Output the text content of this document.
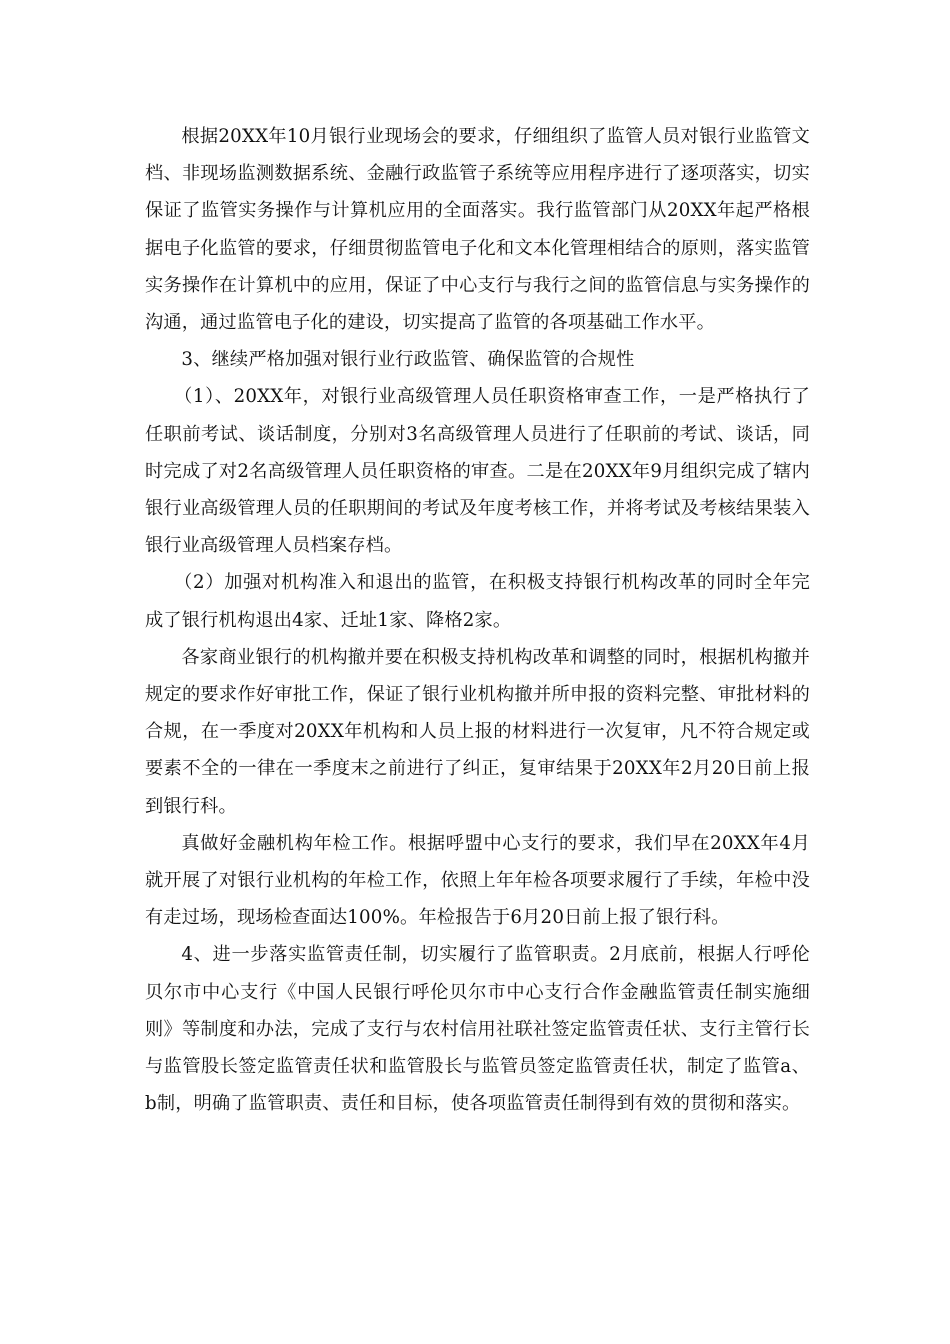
根据20XX年10月银行业现场会的要求，仔细组织了监管人员对银行业监管文档、非现场监测数据系统、金融行政监管子系统等应用程序进行了逐项落实，切实保证了监管实务操作与计算机应用的全面落实。我行监管部门从20XX年起严格根据电子化监管的要求，仔细贯彻监管电子化和文本化管理相结合的原则，落实监管实务操作在计算机中的应用，保证了中心支行与我行之间的监管信息与实务操作的沟通，通过监管电子化的建设，切实提高了监管的各项基础工作水平。

3、继续严格加强对银行业行政监管、确保监管的合规性

（1）、20XX年，对银行业高级管理人员任职资格审查工作，一是严格执行了任职前考试、谈话制度，分别对3名高级管理人员进行了任职前的考试、谈话，同时完成了对2名高级管理人员任职资格的审查。二是在20XX年9月组织完成了辖内银行业高级管理人员的任职期间的考试及年度考核工作，并将考试及考核结果装入银行业高级管理人员档案存档。

（2）加强对机构准入和退出的监管，在积极支持银行机构改革的同时全年完成了银行机构退出4家、迁址1家、降格2家。

各家商业银行的机构撤并要在积极支持机构改革和调整的同时，根据机构撤并规定的要求作好审批工作，保证了银行业机构撤并所申报的资料完整、审批材料的合规，在一季度对20XX年机构和人员上报的材料进行一次复审，凡不符合规定或要素不全的一律在一季度末之前进行了纠正，复审结果于20XX年2月20日前上报到银行科。

真做好金融机构年检工作。根据呼盟中心支行的要求，我们早在20XX年4月就开展了对银行业机构的年检工作，依照上年年检各项要求履行了手续，年检中没有走过场，现场检查面达100%。年检报告于6月20日前上报了银行科。

4、进一步落实监管责任制，切实履行了监管职责。2月底前，根据人行呼伦贝尔市中心支行《中国人民银行呼伦贝尔市中心支行合作金融监管责任制实施细则》等制度和办法，完成了支行与农村信用社联社签定监管责任状、支行主管行长与监管股长签定监管责任状和监管股长与监管员签定监管责任状，制定了监管a、b制，明确了监管职责、责任和目标，使各项监管责任制得到有效的贯彻和落实。
